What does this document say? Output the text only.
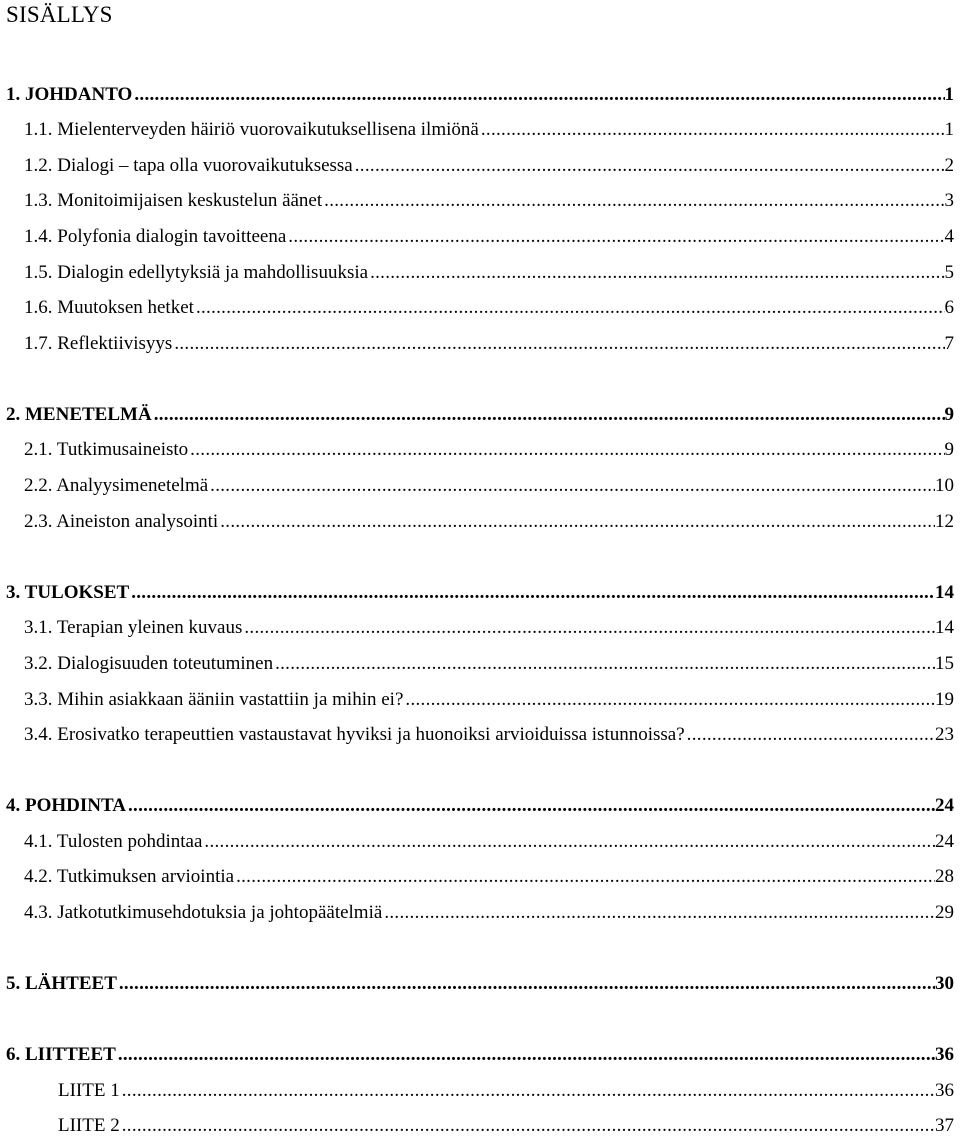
SISÄLLYS
1. JOHDANTO .....	1
1.1. Mielenterveyden häiriö vuorovaikutuksellisena ilmiönä .....	1
1.2. Dialogi – tapa olla vuorovaikutuksessa .....	2
1.3. Monitoimijaisen keskustelun äänet .....	3
1.4. Polyfonia dialogin tavoitteena .....	4
1.5. Dialogin edellytyksiä ja mahdollisuuksia .....	5
1.6. Muutoksen hetket .....	6
1.7. Reflektiivisyys .....	7
2. MENETELMÄ .....	9
2.1. Tutkimusaineisto .....	9
2.2. Analyysimenetelmä .....	10
2.3. Aineiston analysointi .....	12
3. TULOKSET .....	14
3.1. Terapian yleinen kuvaus .....	14
3.2. Dialogisuuden toteutuminen .....	15
3.3. Mihin asiakkaan ääniin vastattiin ja mihin ei? .....	19
3.4. Erosivatko terapeuttien vastaustavat hyviksi ja huonoiksi arvioiduissa istunnoissa? .....	23
4. POHDINTA .....	24
4.1. Tulosten pohdintaa .....	24
4.2. Tutkimuksen arviointia .....	28
4.3. Jatkotutkimusehdotuksia ja johtopäätelmiä .....	29
5. LÄHTEET .....	30
6. LIITTEET .....	36
LIITE 1 .....	36
LIITE 2 .....	37
